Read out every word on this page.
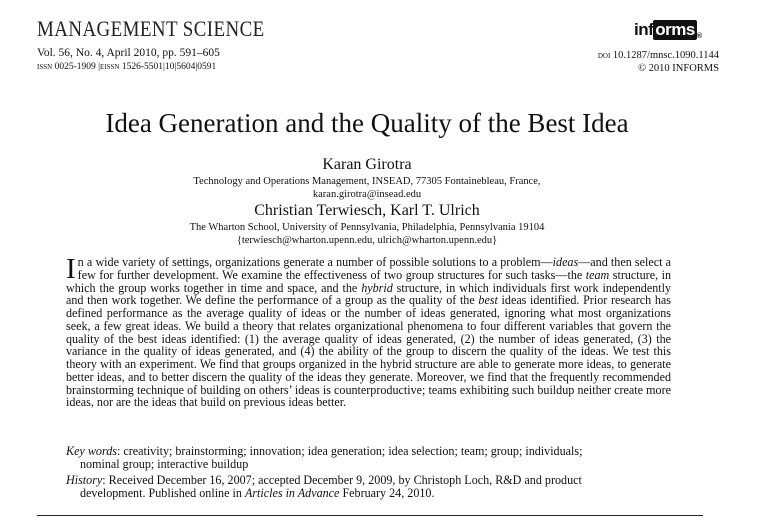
MANAGEMENT SCIENCE
Vol. 56, No. 4, April 2010, pp. 591–605
issn 0025-1909 |eissn 1526-5501|10|5604|0591
inf orms ®
doi 10.1287/mnsc.1090.1144
© 2010 INFORMS
Idea Generation and the Quality of the Best Idea
Karan Girotra
Technology and Operations Management, INSEAD, 77305 Fontainebleau, France,
karan.girotra@insead.edu
Christian Terwiesch, Karl T. Ulrich
The Wharton School, University of Pennsylvania, Philadelphia, Pennsylvania 19104
{terwiesch@wharton.upenn.edu, ulrich@wharton.upenn.edu}
In a wide variety of settings, organizations generate a number of possible solutions to a problem—ideas—and then select a few for further development. We examine the effectiveness of two group structures for such tasks—the team structure, in which the group works together in time and space, and the hybrid structure, in which individuals first work independently and then work together. We define the performance of a group as the quality of the best ideas identified. Prior research has defined performance as the average quality of ideas or the number of ideas generated, ignoring what most organizations seek, a few great ideas. We build a theory that relates organizational phenomena to four different variables that govern the quality of the best ideas identified: (1) the average quality of ideas generated, (2) the number of ideas generated, (3) the variance in the quality of ideas generated, and (4) the ability of the group to discern the quality of the ideas. We test this theory with an experiment. We find that groups organized in the hybrid structure are able to generate more ideas, to generate better ideas, and to better discern the quality of the ideas they generate. Moreover, we find that the frequently recommended brainstorming technique of building on others’ ideas is counterproductive; teams exhibiting such buildup neither create more ideas, nor are the ideas that build on previous ideas better.
Key words: creativity; brainstorming; innovation; idea generation; idea selection; team; group; individuals;
nominal group; interactive buildup
History: Received December 16, 2007; accepted December 9, 2009, by Christoph Loch, R&D and product
development. Published online in Articles in Advance February 24, 2010.
